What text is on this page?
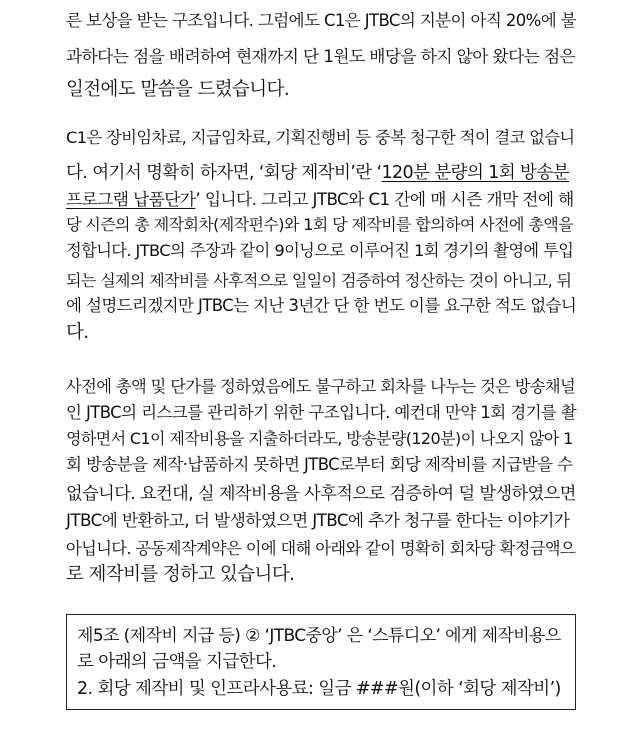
른 보상을 받는 구조입니다. 그럼에도 C1은 JTBC의 지분이 아직 20%에 불
과하다는 점을 배려하여 현재까지 단 1원도 배당을 하지 않아 왔다는 점은
일전에도 말씀을 드렸습니다.
C1은 장비임차료, 지급임차료, 기획진행비 등 중복 청구한 적이 결코 없습니
다. 여기서 명확히 하자면, ‘회당 제작비’란 ‘120분 분량의 1회 방송분
프로그램 납품단가’ 입니다. 그리고 JTBC와 C1 간에 매 시즌 개막 전에 해
당 시즌의 총 제작회차(제작편수)와 1회 당 제작비를 합의하여 사전에 총액을
정합니다. JTBC의 주장과 같이 9이닝으로 이루어진 1회 경기의 촬영에 투입
되는 실제의 제작비를 사후적으로 일일이 검증하여 정산하는 것이 아니고, 뒤
에 설명드리겠지만 JTBC는 지난 3년간 단 한 번도 이를 요구한 적도 없습니
다.
사전에 총액 및 단가를 정하였음에도 불구하고 회차를 나누는 것은 방송채널
인 JTBC의 리스크를 관리하기 위한 구조입니다. 예컨대 만약 1회 경기를 촬
영하면서 C1이 제작비용을 지출하더라도, 방송분량(120분)이 나오지 않아 1
회 방송분을 제작·납품하지 못하면 JTBC로부터 회당 제작비를 지급받을 수
없습니다. 요컨대, 실 제작비용을 사후적으로 검증하여 덜 발생하였으면
JTBC에 반환하고, 더 발생하였으면 JTBC에 추가 청구를 한다는 이야기가
아닙니다. 공동제작계약은 이에 대해 아래와 같이 명확히 회차당 확정금액으
로 제작비를 정하고 있습니다.
제5조 (제작비 지급 등) ② ‘JTBC중앙’ 은 ‘스튜디오’ 에게 제작비용으
로 아래의 금액을 지급한다.
2. 회당 제작비 및 인프라사용료: 일금 ###원(이하 ‘회당 제작비’)
